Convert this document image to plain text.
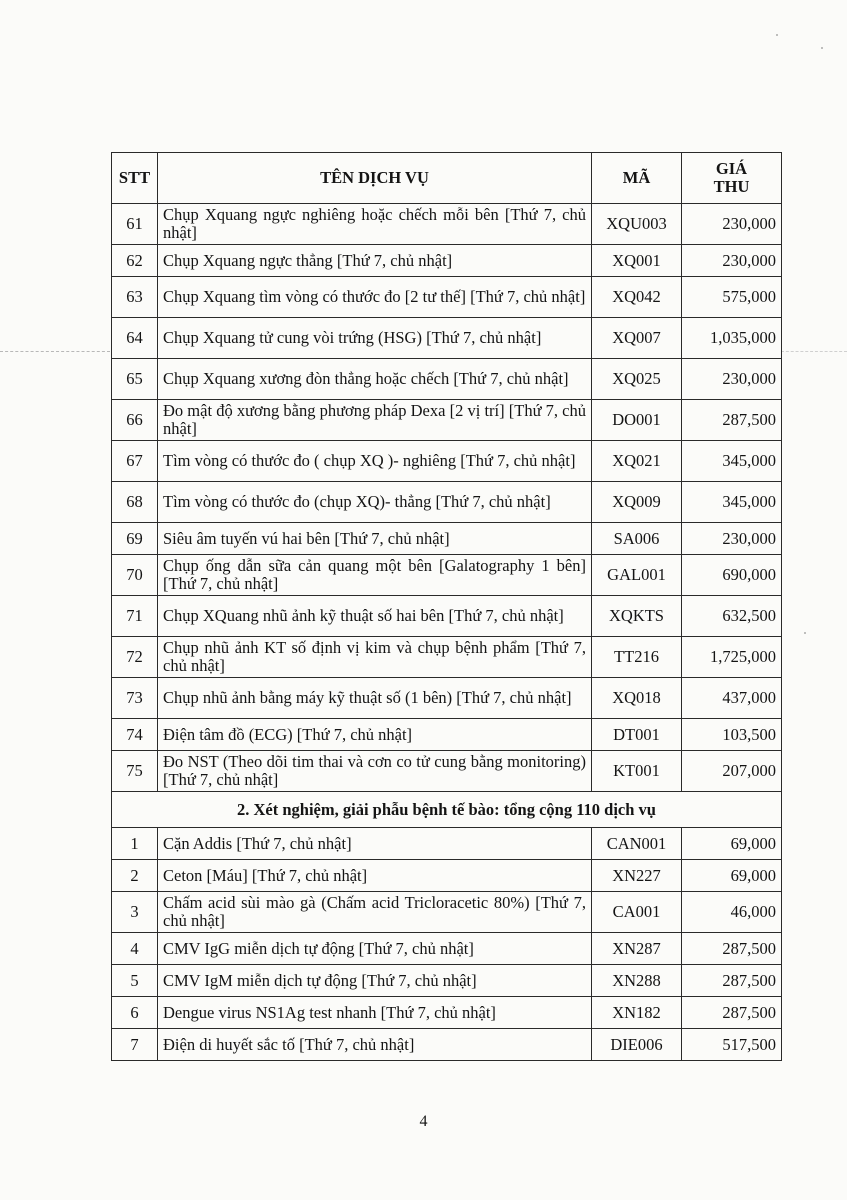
STT	TÊN DỊCH VỤ	MÃ	GIÁ THU
61	Chụp Xquang ngực nghiêng hoặc chếch mỗi bên [Thứ 7, chủ nhật]	XQU003	230,000
62	Chụp Xquang ngực thẳng [Thứ 7, chủ nhật]	XQ001	230,000
63	Chụp Xquang tìm vòng có thước đo [2 tư thế] [Thứ 7, chủ nhật]	XQ042	575,000
64	Chụp Xquang tử cung vòi trứng (HSG) [Thứ 7, chủ nhật]	XQ007	1,035,000
65	Chụp Xquang xương đòn thẳng hoặc chếch [Thứ 7, chủ nhật]	XQ025	230,000
66	Đo mật độ xương bằng phương pháp Dexa [2 vị trí] [Thứ 7, chủ nhật]	DO001	287,500
67	Tìm vòng có thước đo ( chụp XQ )- nghiêng [Thứ 7, chủ nhật]	XQ021	345,000
68	Tìm vòng có thước đo (chụp XQ)- thẳng [Thứ 7, chủ nhật]	XQ009	345,000
69	Siêu âm tuyến vú hai bên [Thứ 7, chủ nhật]	SA006	230,000
70	Chụp ống dẫn sữa cản quang một bên [Galatography 1 bên] [Thứ 7, chủ nhật]	GAL001	690,000
71	Chụp XQuang nhũ ảnh kỹ thuật số hai bên [Thứ 7, chủ nhật]	XQKTS	632,500
72	Chụp nhũ ảnh KT số định vị kim và chụp bệnh phẩm [Thứ 7, chủ nhật]	TT216	1,725,000
73	Chụp nhũ ảnh bằng máy kỹ thuật số (1 bên) [Thứ 7, chủ nhật]	XQ018	437,000
74	Điện tâm đồ (ECG) [Thứ 7, chủ nhật]	DT001	103,500
75	Đo NST (Theo dõi tim thai và cơn co tử cung bằng monitoring) [Thứ 7, chủ nhật]	KT001	207,000
2. Xét nghiệm, giải phẫu bệnh tế bào: tổng cộng 110 dịch vụ			
1	Cặn Addis [Thứ 7, chủ nhật]	CAN001	69,000
2	Ceton [Máu] [Thứ 7, chủ nhật]	XN227	69,000
3	Chấm acid sùi mào gà (Chấm acid Tricloracetic 80%) [Thứ 7, chủ nhật]	CA001	46,000
4	CMV IgG miễn dịch tự động [Thứ 7, chủ nhật]	XN287	287,500
5	CMV IgM miễn dịch tự động [Thứ 7, chủ nhật]	XN288	287,500
6	Dengue virus NS1Ag test nhanh [Thứ 7, chủ nhật]	XN182	287,500
7	Điện di huyết sắc tố [Thứ 7, chủ nhật]	DIE006	517,500
4
